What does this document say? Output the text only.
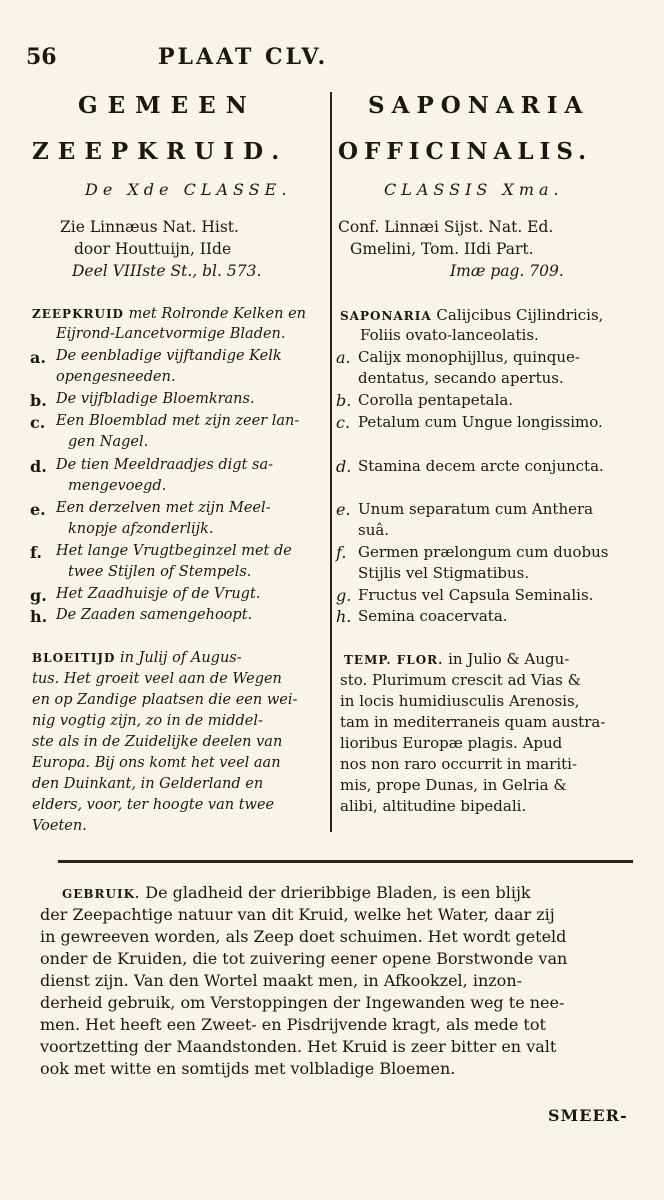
56	PLAAT CLV.
GEMEEN
ZEEPKRUID.
De Xde CLASSE.
Zie Linnæus Nat. Hist.
door Houttuijn, IIde
Deel VIIIste St., bl. 573.
SAPONARIA
OFFICINALIS.
CLASSIS Xma.
Conf. Linnæi Sijst. Nat. Ed.
Gmelini, Tom. IIdi Part.
Imæ pag. 709.
ZEEPKRUID met Rolronde Kelken en
Eijrond-Lancetvormige Bladen.
a. De eenbladige vijftandige Kelk
opengesneeden.
b. De vijfbladige Bloemkrans.
c. Een Bloemblad met zijn zeer lan-
gen Nagel.
d. De tien Meeldraadjes digt sa-
mengevoegd.
e. Een derzelven met zijn Meel-
knopje afzonderlijk.
f. Het lange Vrugtbeginzel met de
twee Stijlen of Stempels.
g. Het Zaadhuisje of de Vrugt.
h. De Zaaden samengehoopt.
SAPONARIA Calijcibus Cijlindricis,
Foliis ovato-lanceolatis.
a. Calijx monophijllus, quinque-
dentatus, secando apertus.
b. Corolla pentapetala.
c. Petalum cum Ungue longissimo.
d. Stamina decem arcte conjuncta.
e. Unum separatum cum Anthera
suâ.
f. Germen prælongum cum duobus
Stijlis vel Stigmatibus.
g. Fructus vel Capsula Seminalis.
h. Semina coacervata.
BLOEITIJD in Julij of Augus-
tus. Het groeit veel aan de Wegen
en op Zandige plaatsen die een wei-
nig vogtig zijn, zo in de middel-
ste als in de Zuidelijke deelen van
Europa. Bij ons komt het veel aan
den Duinkant, in Gelderland en
elders, voor, ter hoogte van twee
Voeten.
TEMP. FLOR. in Julio & Augu-
sto. Plurimum crescit ad Vias &
in locis humidiusculis Arenosis,
tam in mediterraneis quam austra-
lioribus Europæ plagis. Apud
nos non raro occurrit in mariti-
mis, prope Dunas, in Gelria &
alibi, altitudine bipedali.
GEBRUIK. De gladheid der drieribbige Bladen, is een blijk
der Zeepachtige natuur van dit Kruid, welke het Water, daar zij
in gewreeven worden, als Zeep doet schuimen. Het wordt geteld
onder de Kruiden, die tot zuivering eener opene Borstwonde van
dienst zijn. Van den Wortel maakt men, in Afkookzel, inzon-
derheid gebruik, om Verstoppingen der Ingewanden weg te nee-
men. Het heeft een Zweet- en Pisdrijvende kragt, als mede tot
voortzetting der Maandstonden. Het Kruid is zeer bitter en valt
ook met witte en somtijds met volbladige Bloemen.
SMEER-
